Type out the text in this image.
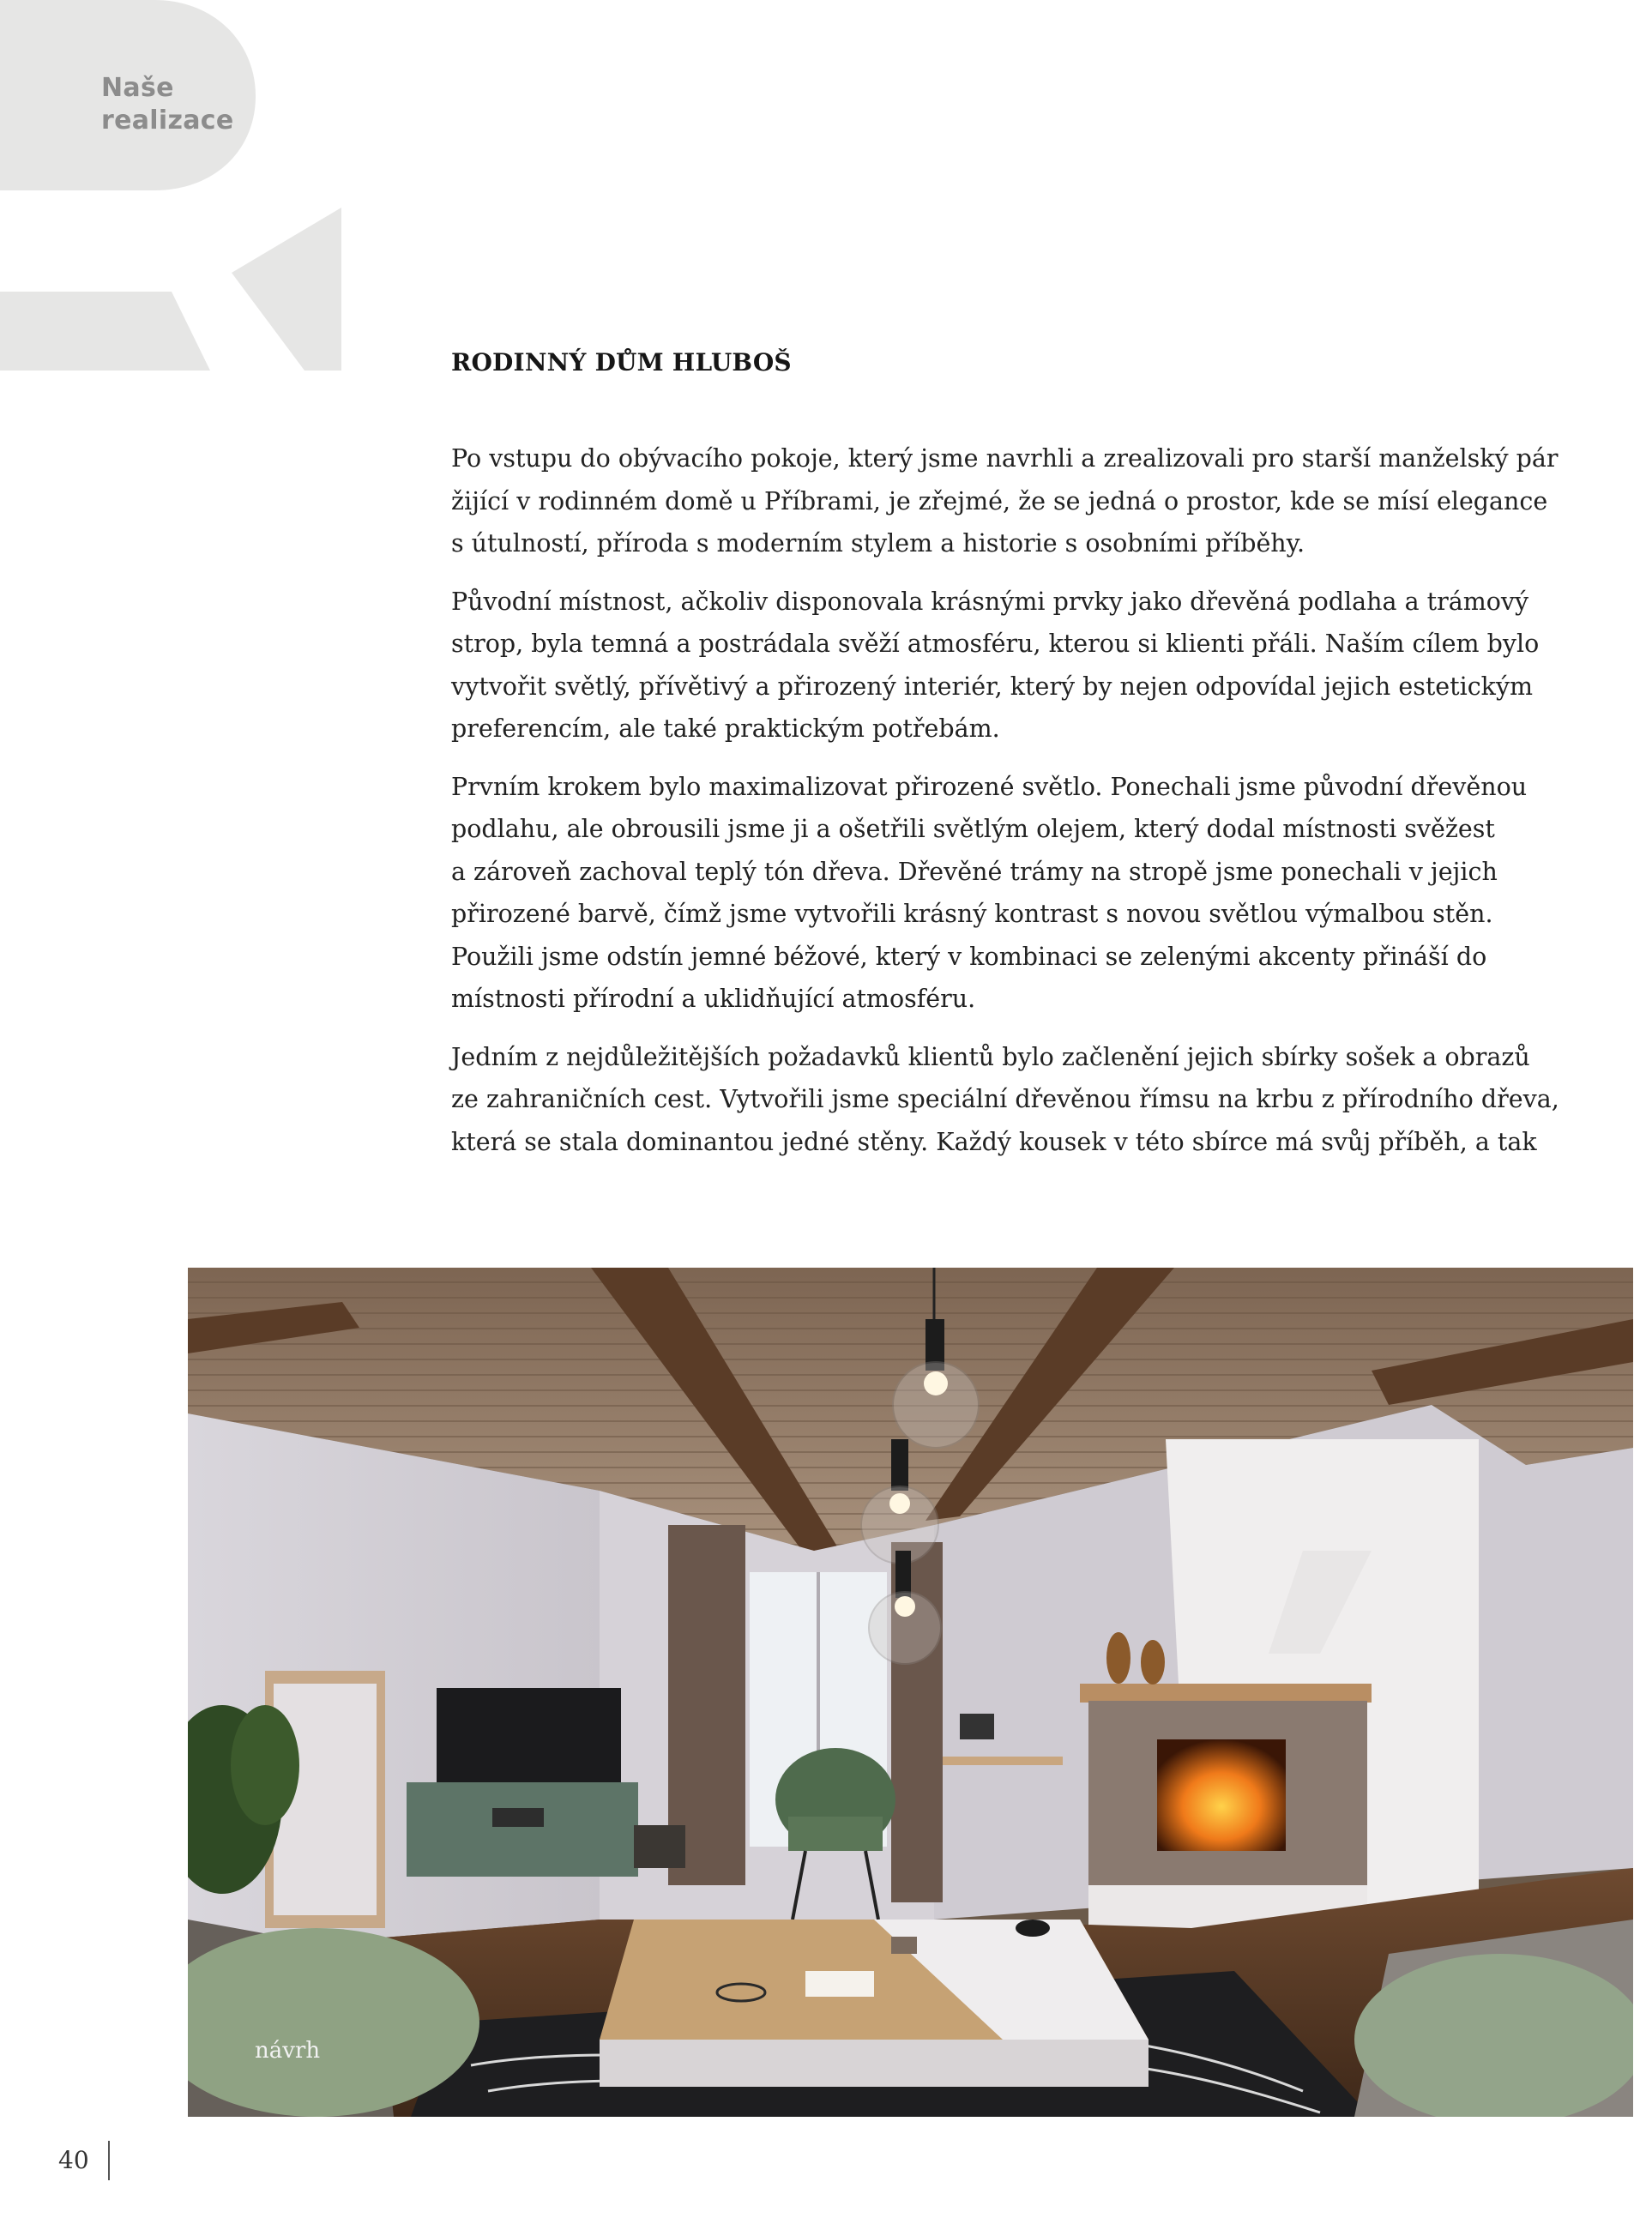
Naše
realizace
RODINNÝ DŮM HLUBOŠ

Po vstupu do obývacího pokoje, který jsme navrhli a zrealizovali pro starší manželský pár
žijící v rodinném domě u Příbrami, je zřejmé, že se jedná o prostor, kde se mísí elegance
s útulností, příroda s moderním stylem a historie s osobními příběhy.

Původní místnost, ačkoliv disponovala krásnými prvky jako dřevěná podlaha a trámový
strop, byla temná a postrádala svěží atmosféru, kterou si klienti přáli. Naším cílem bylo
vytvořit světlý, přívětivý a přirozený interiér, který by nejen odpovídal jejich estetickým
preferencím, ale také praktickým potřebám.

Prvním krokem bylo maximalizovat přirozené světlo. Ponechali jsme původní dřevěnou
podlahu, ale obrousili jsme ji a ošetřili světlým olejem, který dodal místnosti svěžest
a zároveň zachoval teplý tón dřeva. Dřevěné trámy na stropě jsme ponechali v jejich
přirozené barvě, čímž jsme vytvořili krásný kontrast s novou světlou výmalbou stěn.
Použili jsme odstín jemné béžové, který v kombinaci se zelenými akcenty přináší do
místnosti přírodní a uklidňující atmosféru.

Jedním z nejdůležitějších požadavků klientů bylo začlenění jejich sbírky sošek a obrazů
ze zahraničních cest. Vytvořili jsme speciální dřevěnou římsu na krbu z přírodního dřeva,
která se stala dominantou jedné stěny. Každý kousek v této sbírce má svůj příběh, a tak

návrh
40
